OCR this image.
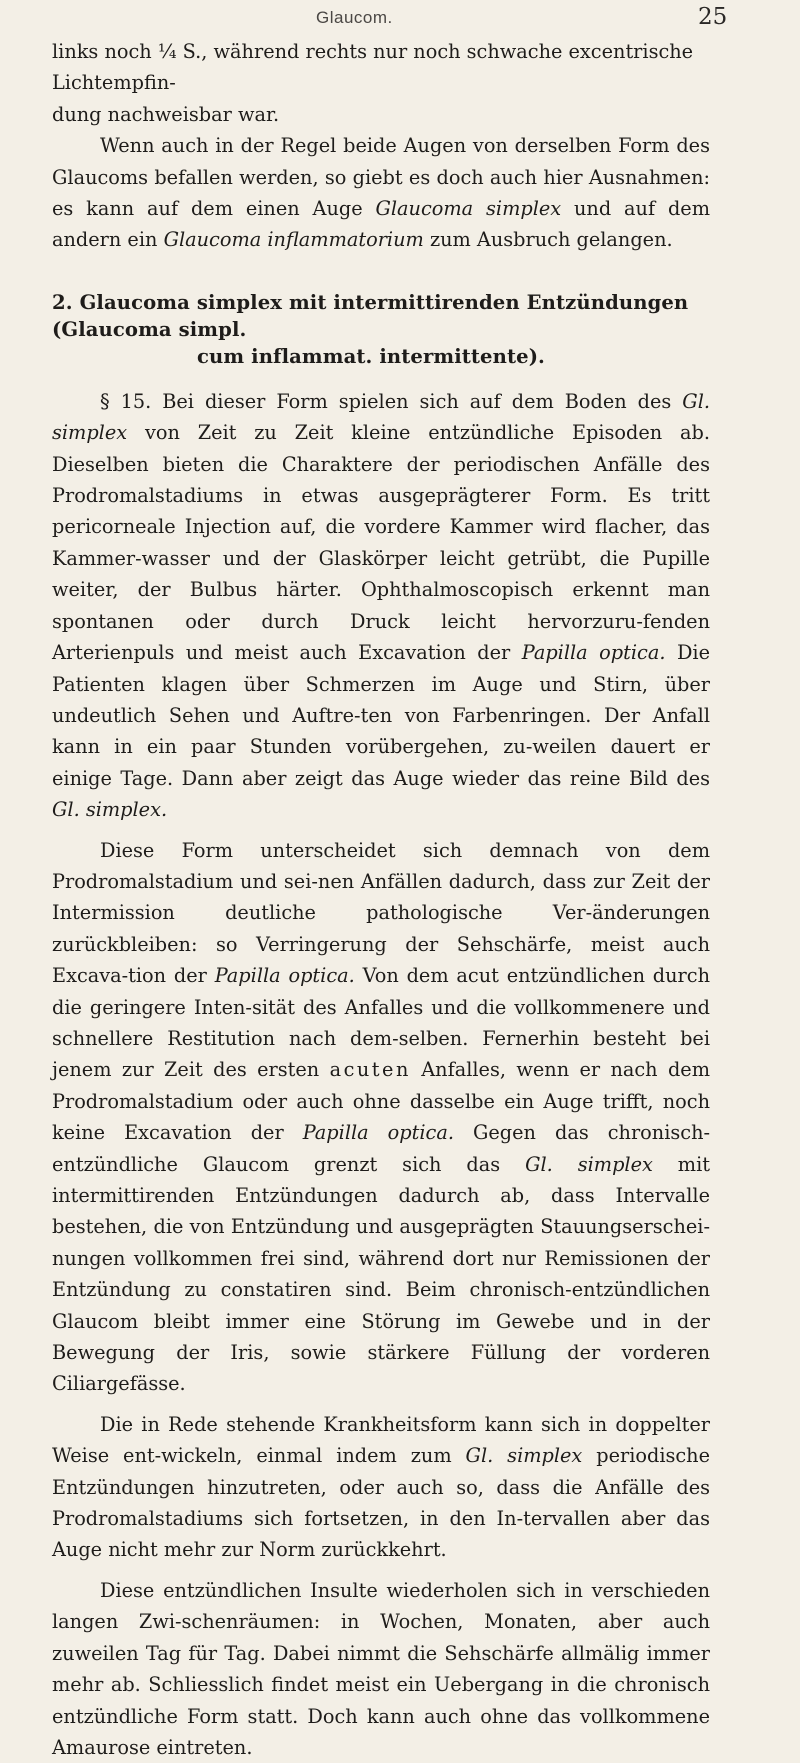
Glaucom.	25

links noch ¼ S., während rechts nur noch schwache excentrische Lichtempfin-
dung nachweisbar war.

Wenn auch in der Regel beide Augen von derselben Form des Glaucoms befallen werden, so giebt es doch auch hier Ausnahmen: es kann auf dem einen Auge Glaucoma simplex und auf dem andern ein Glaucoma inflammatorium zum Ausbruch gelangen.

2. Glaucoma simplex mit intermittirenden Entzündungen (Glaucoma simpl.
cum inflammat. intermittente).

§ 15. Bei dieser Form spielen sich auf dem Boden des Gl. simplex von Zeit zu Zeit kleine entzündliche Episoden ab. Dieselben bieten die Charaktere der periodischen Anfälle des Prodromalstadiums in etwas ausgeprägterer Form. Es tritt pericorneale Injection auf, die vordere Kammer wird flacher, das Kammer-wasser und der Glaskörper leicht getrübt, die Pupille weiter, der Bulbus härter. Ophthalmoscopisch erkennt man spontanen oder durch Druck leicht hervorzuru-fenden Arterienpuls und meist auch Excavation der Papilla optica. Die Patienten klagen über Schmerzen im Auge und Stirn, über undeutlich Sehen und Auftre-ten von Farbenringen. Der Anfall kann in ein paar Stunden vorübergehen, zu-weilen dauert er einige Tage. Dann aber zeigt das Auge wieder das reine Bild des Gl. simplex.

Diese Form unterscheidet sich demnach von dem Prodromalstadium und sei-nen Anfällen dadurch, dass zur Zeit der Intermission deutliche pathologische Ver-änderungen zurückbleiben: so Verringerung der Sehschärfe, meist auch Excava-tion der Papilla optica. Von dem acut entzündlichen durch die geringere Inten-sität des Anfalles und die vollkommenere und schnellere Restitution nach dem-selben. Fernerhin besteht bei jenem zur Zeit des ersten acuten Anfalles, wenn er nach dem Prodromalstadium oder auch ohne dasselbe ein Auge trifft, noch keine Excavation der Papilla optica. Gegen das chronisch-entzündliche Glaucom grenzt sich das Gl. simplex mit intermittirenden Entzündungen dadurch ab, dass Intervalle bestehen, die von Entzündung und ausgeprägten Stauungserschei-nungen vollkommen frei sind, während dort nur Remissionen der Entzündung zu constatiren sind. Beim chronisch-entzündlichen Glaucom bleibt immer eine Störung im Gewebe und in der Bewegung der Iris, sowie stärkere Füllung der vorderen Ciliargefässe.

Die in Rede stehende Krankheitsform kann sich in doppelter Weise ent-wickeln, einmal indem zum Gl. simplex periodische Entzündungen hinzutreten, oder auch so, dass die Anfälle des Prodromalstadiums sich fortsetzen, in den In-tervallen aber das Auge nicht mehr zur Norm zurückkehrt.

Diese entzündlichen Insulte wiederholen sich in verschieden langen Zwi-schenräumen: in Wochen, Monaten, aber auch zuweilen Tag für Tag. Dabei nimmt die Sehschärfe allmälig immer mehr ab. Schliesslich findet meist ein Uebergang in die chronisch entzündliche Form statt. Doch kann auch ohne das vollkommene Amaurose eintreten.
